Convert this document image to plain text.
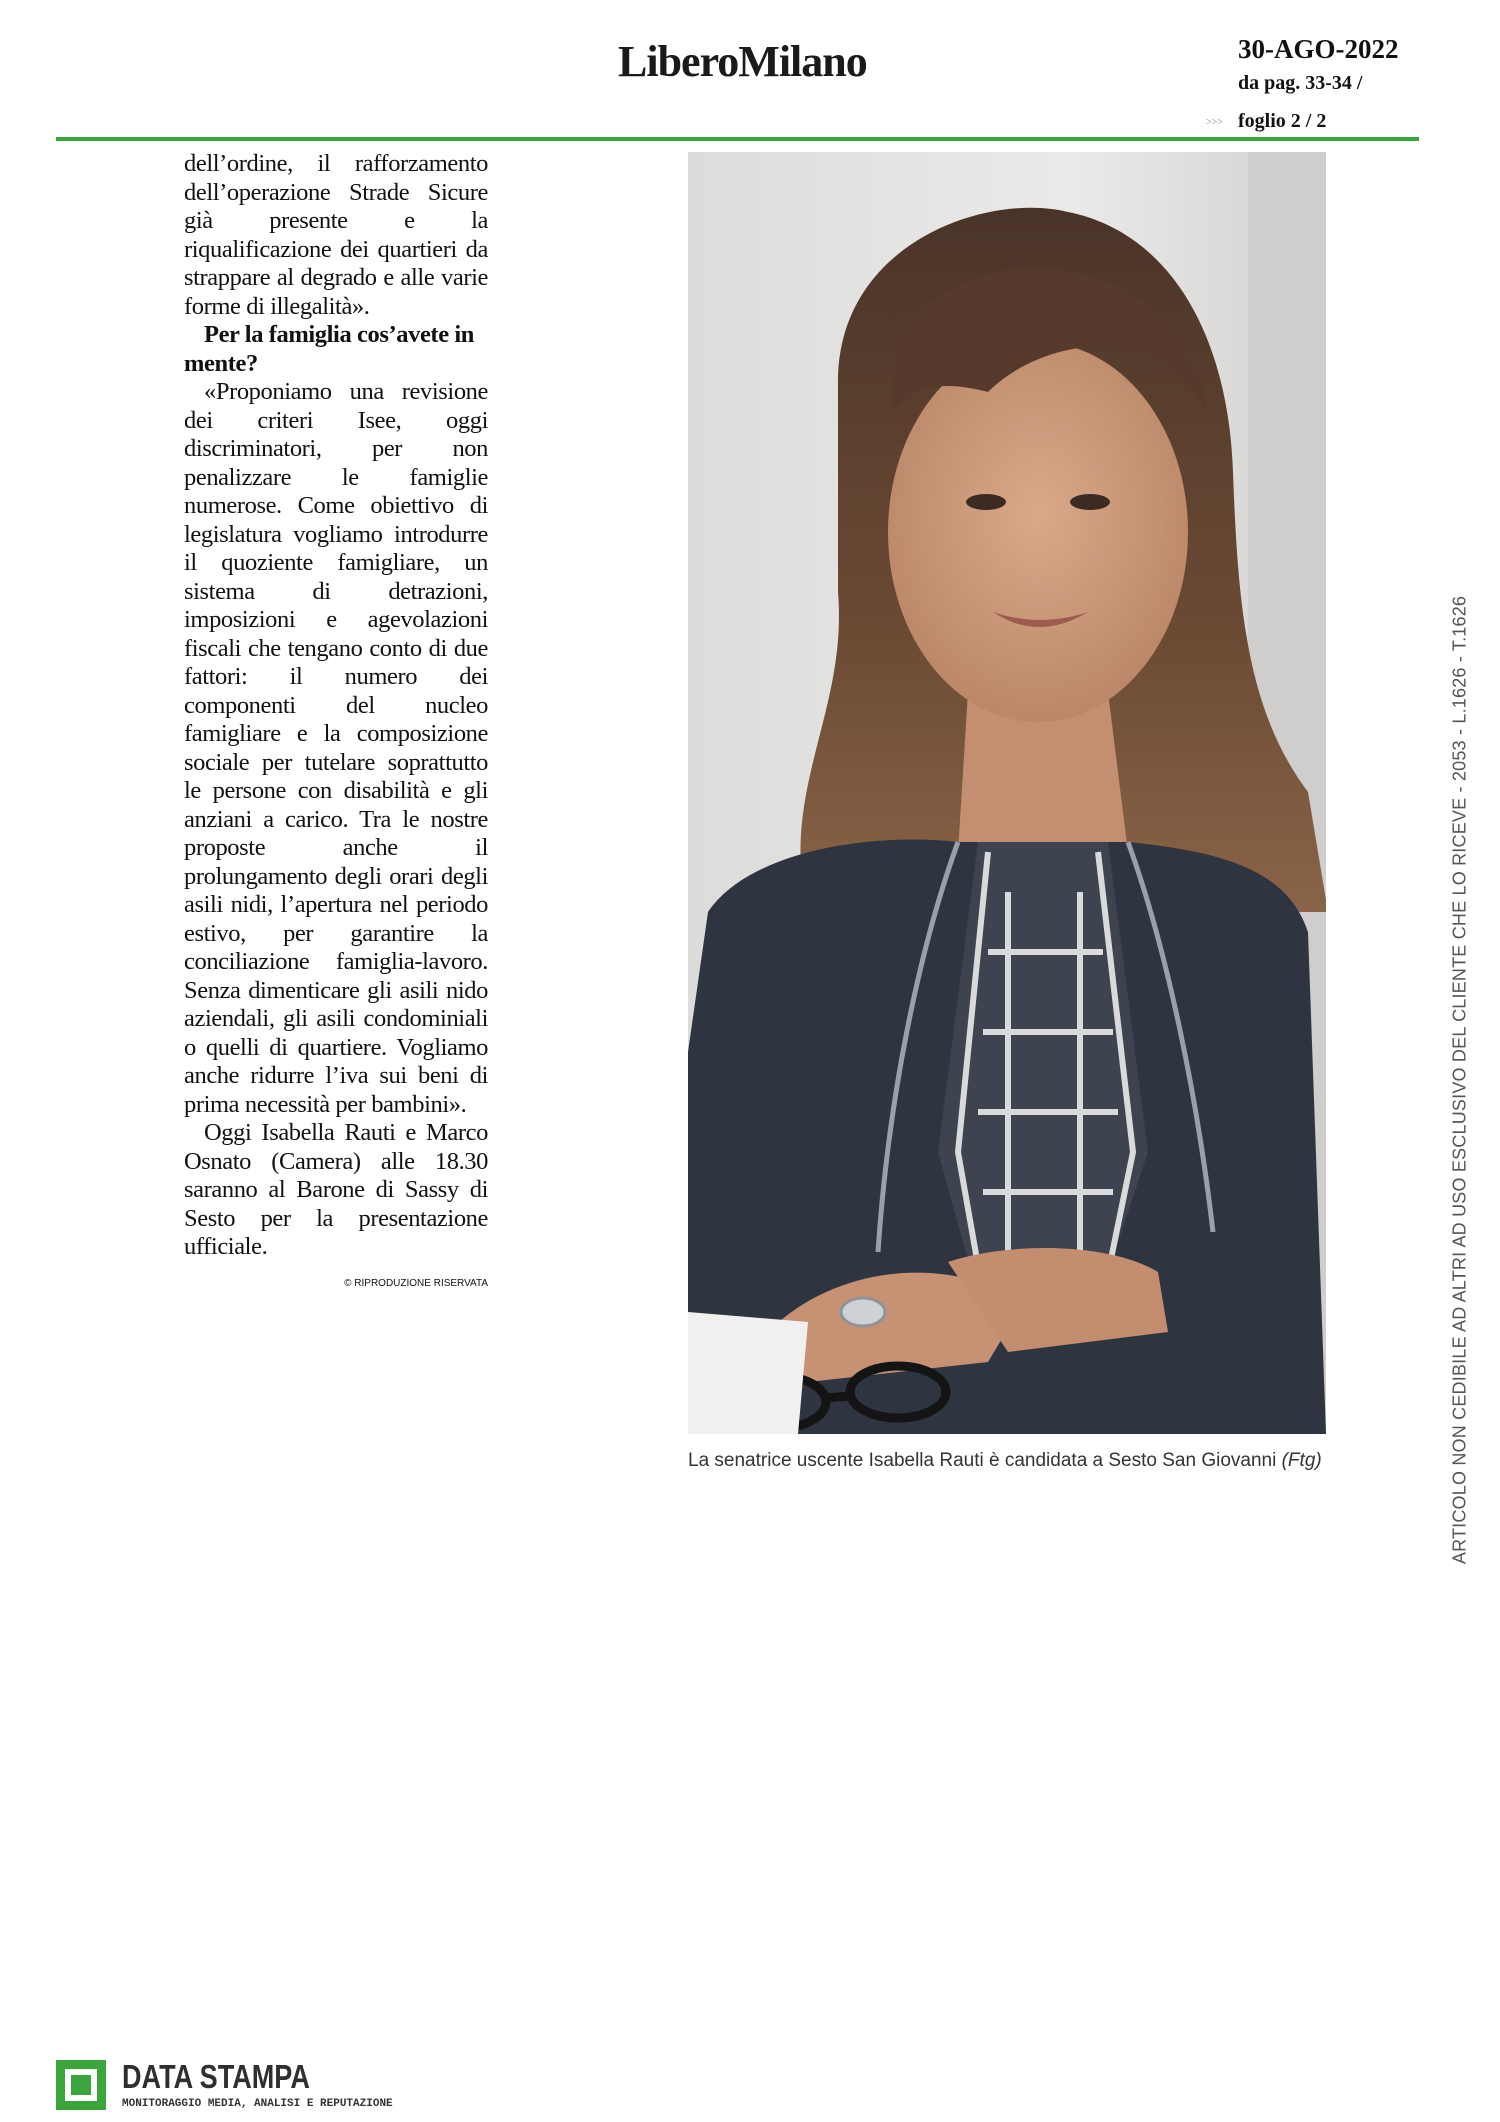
LiberoMilano	30-AGO-2022
da pag. 33-34 /
>>> foglio 2 / 2

dell’ordine, il rafforzamento dell’operazione Strade Sicure già presente e la riqualificazione dei quartieri da strappare al degrado e alle varie forme di illegalità».

Per la famiglia cos’avete in mente?

«Proponiamo una revisione dei criteri Isee, oggi discriminatori, per non penalizzare le famiglie numerose. Come obiettivo di legislatura vogliamo introdurre il quoziente famigliare, un sistema di detrazioni, imposizioni e agevolazioni fiscali che tengano conto di due fattori: il numero dei componenti del nucleo famigliare e la composizione sociale per tutelare soprattutto le persone con disabilità e gli anziani a carico. Tra le nostre proposte anche il prolungamento degli orari degli asili nidi, l’apertura nel periodo estivo, per garantire la conciliazione famiglia-lavoro. Senza dimenticare gli asili nido aziendali, gli asili condominiali o quelli di quartiere. Vogliamo anche ridurre l’iva sui beni di prima necessità per bambini».

Oggi Isabella Rauti e Marco Osnato (Camera) alle 18.30 saranno al Barone di Sassy di Sesto per la presentazione ufficiale.

© RIPRODUZIONE RISERVATA
La senatrice uscente Isabella Rauti è candidata a Sesto San Giovanni (Ftg)	ARTICOLO NON CEDIBILE AD ALTRI AD USO ESCLUSIVO DEL CLIENTE CHE LO RICEVE - 2053 - L.1626 - T.1626
DATA STAMPA
MONITORAGGIO MEDIA, ANALISI E REPUTAZIONE
